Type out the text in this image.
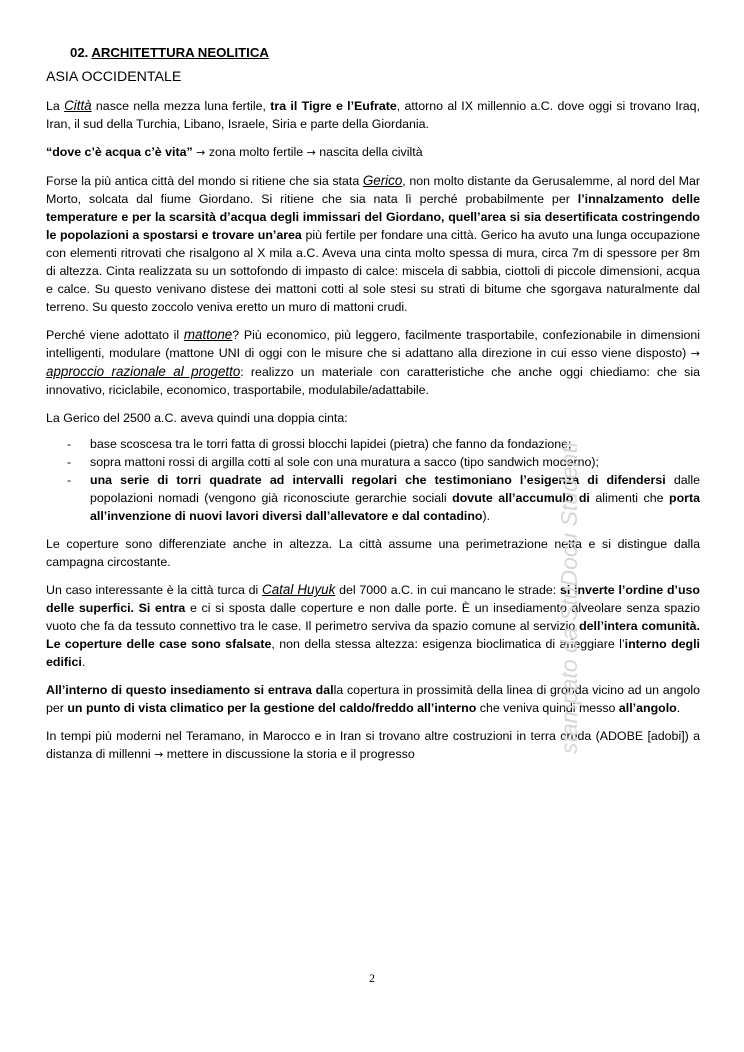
02. ARCHITETTURA NEOLITICA
ASIA OCCIDENTALE

La Città nasce nella mezza luna fertile, tra il Tigre e l’Eufrate, attorno al IX millennio a.C. dove oggi si trovano Iraq, Iran, il sud della Turchia, Libano, Israele, Siria e parte della Giordania.

“dove c’è acqua c’è vita” → zona molto fertile → nascita della civiltà

Forse la più antica città del mondo si ritiene che sia stata Gerico, non molto distante da Gerusalemme, al nord del Mar Morto, solcata dal fiume Giordano. Si ritiene che sia nata lì perché probabilmente per l’innalzamento delle temperature e per la scarsità d’acqua degli immissari del Giordano, quell’area si sia desertificata costringendo le popolazioni a spostarsi e trovare un’area più fertile per fondare una città. Gerico ha avuto una lunga occupazione con elementi ritrovati che risalgono al X mila a.C. Aveva una cinta molto spessa di mura, circa 7m di spessore per 8m di altezza. Cinta realizzata su un sottofondo di impasto di calce: miscela di sabbia, ciottoli di piccole dimensioni, acqua e calce. Su questo venivano distese dei mattoni cotti al sole stesi su strati di bitume che sgorgava naturalmente dal terreno. Su questo zoccolo veniva eretto un muro di mattoni crudi.

Perché viene adottato il mattone? Più economico, più leggero, facilmente trasportabile, confezionabile in dimensioni intelligenti, modulare (mattone UNI di oggi con le misure che si adattano alla direzione in cui esso viene disposto) → approccio razionale al progetto: realizzo un materiale con caratteristiche che anche oggi chiediamo: che sia innovativo, riciclabile, economico, trasportabile, modulabile/adattabile.

La Gerico del 2500 a.C. aveva quindi una doppia cinta:

- base scoscesa tra le torri fatta di grossi blocchi lapidei (pietra) che fanno da fondazione;
- sopra mattoni rossi di argilla cotti al sole con una muratura a sacco (tipo sandwich moderno);
- una serie di torri quadrate ad intervalli regolari che testimoniano l’esigenza di difendersi dalle popolazioni nomadi (vengono già riconosciute gerarchie sociali dovute all’accumulo di alimenti che porta all’invenzione di nuovi lavori diversi dall’allevatore e dal contadino).

Le coperture sono differenziate anche in altezza. La città assume una perimetrazione netta e si distingue dalla campagna circostante.

Un caso interessante è la città turca di Catal Huyuk del 7000 a.C. in cui mancano le strade: si inverte l’ordine d’uso delle superfici. Si entra e ci si sposta dalle coperture e non dalle porte. È un insediamento alveolare senza spazio vuoto che fa da tessuto connettivo tra le case. Il perimetro serviva da spazio comune al servizio dell’intera comunità. Le coperture delle case sono sfalsate, non della stessa altezza: esigenza bioclimatica di arieggiare l’interno degli edifici.

All’interno di questo insediamento si entrava dalla copertura in prossimità della linea di gronda vicino ad un angolo per un punto di vista climatico per la gestione del caldo/freddo all’interno che veniva quindi messo all’angolo.

In tempi più moderni nel Teramano, in Marocco e in Iran si trovano altre costruzioni in terra cruda (ADOBE [adobi]) a distanza di millenni → mettere in discussione la storia e il progresso	stampato da StuDocu Studenti
2
